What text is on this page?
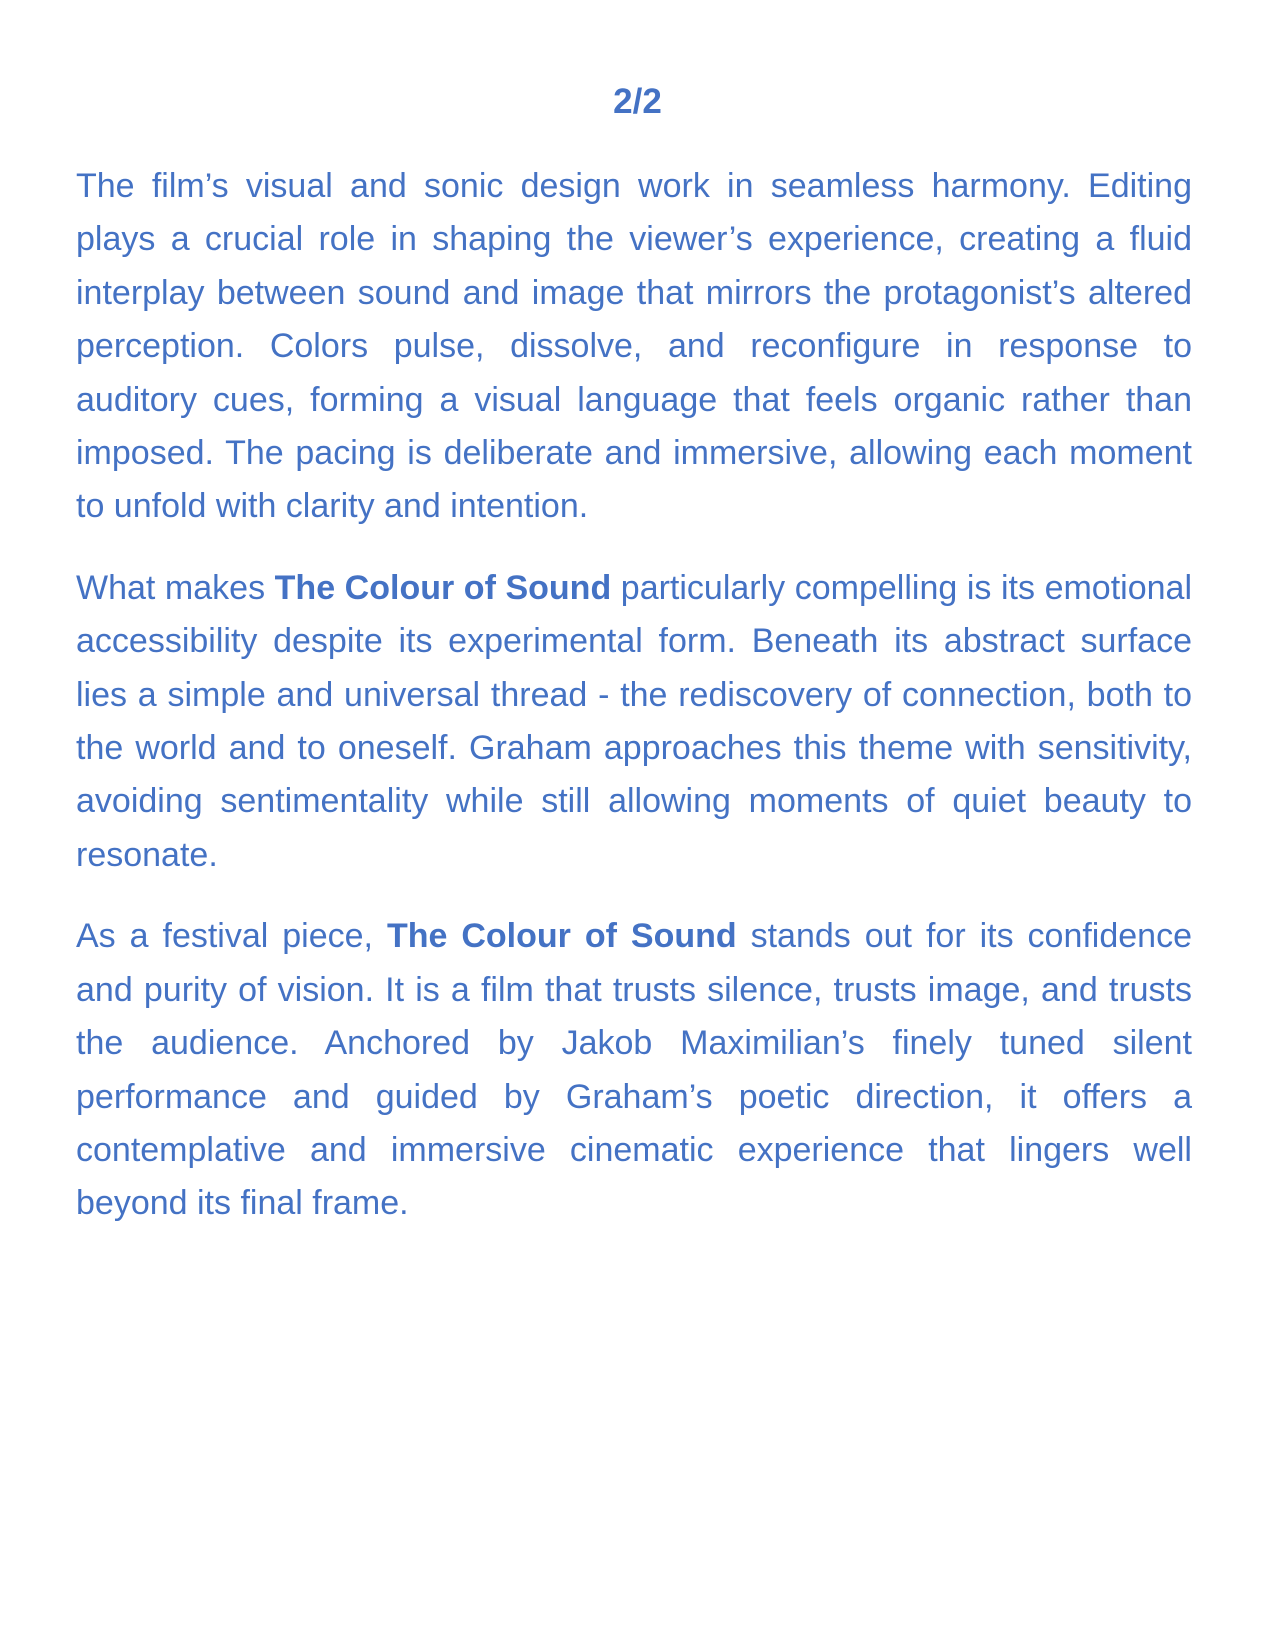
2/2

The film’s visual and sonic design work in seamless harmony. Editing plays a crucial role in shaping the viewer’s experience, creating a fluid interplay between sound and image that mirrors the protagonist’s altered perception. Colors pulse, dissolve, and reconfigure in response to auditory cues, forming a visual language that feels organic rather than imposed. The pacing is deliberate and immersive, allowing each moment to unfold with clarity and intention.

What makes The Colour of Sound particularly compelling is its emotional accessibility despite its experimental form. Beneath its abstract surface lies a simple and universal thread - the rediscovery of connection, both to the world and to oneself. Graham approaches this theme with sensitivity, avoiding sentimentality while still allowing moments of quiet beauty to resonate.

As a festival piece, The Colour of Sound stands out for its confidence and purity of vision. It is a film that trusts silence, trusts image, and trusts the audience. Anchored by Jakob Maximilian’s finely tuned silent performance and guided by Graham’s poetic direction, it offers a contemplative and immersive cinematic experience that lingers well beyond its final frame.
